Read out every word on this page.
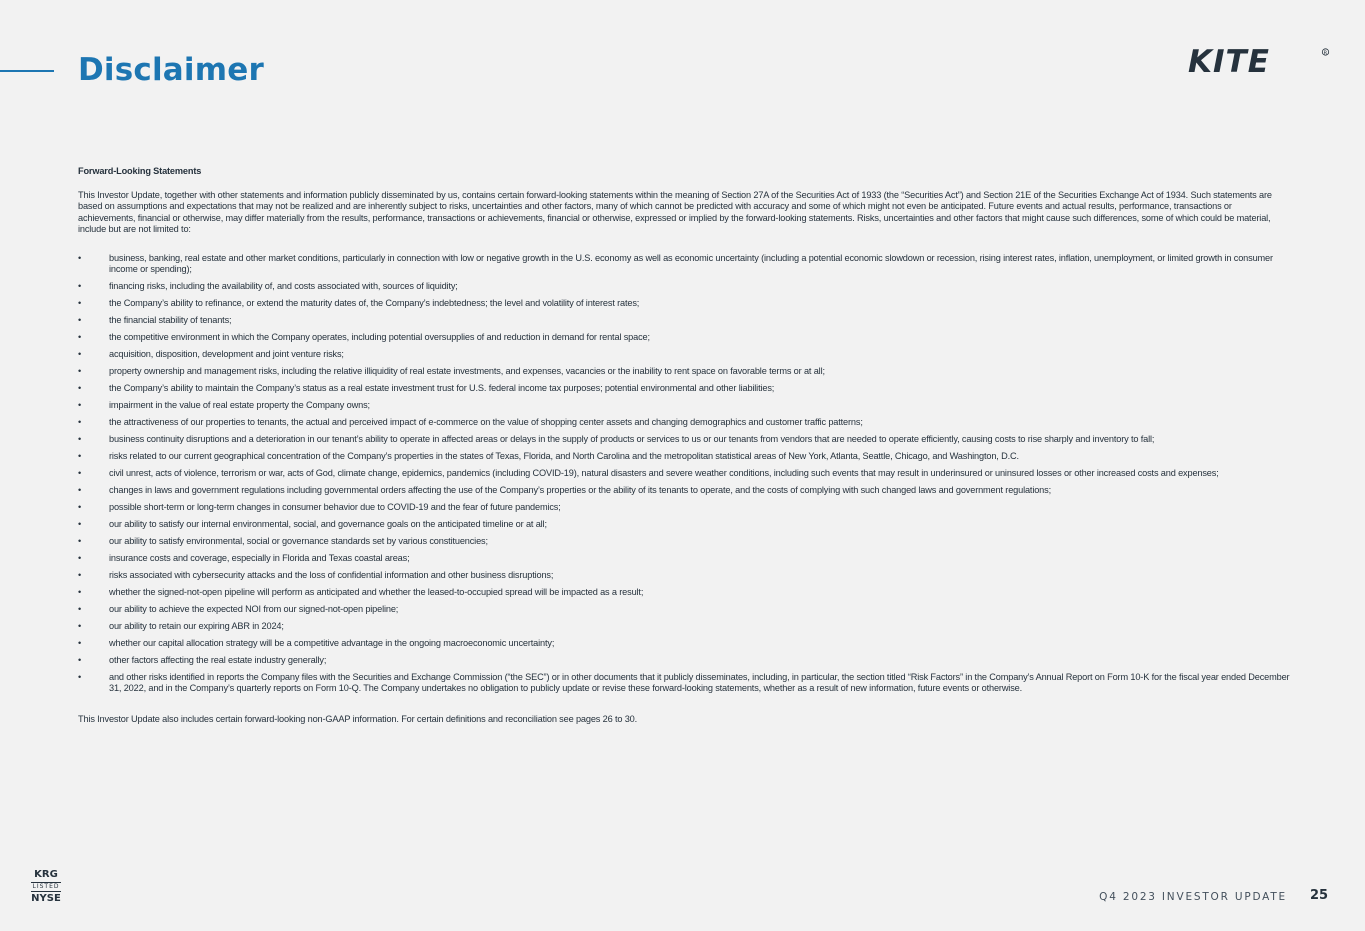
Disclaimer	KITE	R

Forward-Looking Statements

This Investor Update, together with other statements and information publicly disseminated by us, contains certain forward-looking statements within the meaning of Section 27A of the Securities Act of 1933 (the “Securities Act”) and Section 21E of the Securities Exchange Act of 1934. Such statements are based on assumptions and expectations that may not be realized and are inherently subject to risks, uncertainties and other factors, many of which cannot be predicted with accuracy and some of which might not even be anticipated. Future events and actual results, performance, transactions or achievements, financial or otherwise, may differ materially from the results, performance, transactions or achievements, financial or otherwise, expressed or implied by the forward-looking statements. Risks, uncertainties and other factors that might cause such differences, some of which could be material, include but are not limited to:

•	business, banking, real estate and other market conditions, particularly in connection with low or negative growth in the U.S. economy as well as economic uncertainty (including a potential economic slowdown or recession, rising interest rates, inflation, unemployment, or limited growth in consumer income or spending);
•	financing risks, including the availability of, and costs associated with, sources of liquidity;
•	the Company’s ability to refinance, or extend the maturity dates of, the Company’s indebtedness; the level and volatility of interest rates;
•	the financial stability of tenants;
•	the competitive environment in which the Company operates, including potential oversupplies of and reduction in demand for rental space;
•	acquisition, disposition, development and joint venture risks;
•	property ownership and management risks, including the relative illiquidity of real estate investments, and expenses, vacancies or the inability to rent space on favorable terms or at all;
•	the Company’s ability to maintain the Company’s status as a real estate investment trust for U.S. federal income tax purposes; potential environmental and other liabilities;
•	impairment in the value of real estate property the Company owns;
•	the attractiveness of our properties to tenants, the actual and perceived impact of e-commerce on the value of shopping center assets and changing demographics and customer traffic patterns;
•	business continuity disruptions and a deterioration in our tenant’s ability to operate in affected areas or delays in the supply of products or services to us or our tenants from vendors that are needed to operate efficiently, causing costs to rise sharply and inventory to fall;
•	risks related to our current geographical concentration of the Company’s properties in the states of Texas, Florida, and North Carolina and the metropolitan statistical areas of New York, Atlanta, Seattle, Chicago, and Washington, D.C.
•	civil unrest, acts of violence, terrorism or war, acts of God, climate change, epidemics, pandemics (including COVID-19), natural disasters and severe weather conditions, including such events that may result in underinsured or uninsured losses or other increased costs and expenses;
•	changes in laws and government regulations including governmental orders affecting the use of the Company’s properties or the ability of its tenants to operate, and the costs of complying with such changed laws and government regulations;
•	possible short-term or long-term changes in consumer behavior due to COVID-19 and the fear of future pandemics;
•	our ability to satisfy our internal environmental, social, and governance goals on the anticipated timeline or at all;
•	our ability to satisfy environmental, social or governance standards set by various constituencies;
•	insurance costs and coverage, especially in Florida and Texas coastal areas;
•	risks associated with cybersecurity attacks and the loss of confidential information and other business disruptions;
•	whether the signed-not-open pipeline will perform as anticipated and whether the leased-to-occupied spread will be impacted as a result;
•	our ability to achieve the expected NOI from our signed-not-open pipeline;
•	our ability to retain our expiring ABR in 2024;
•	whether our capital allocation strategy will be a competitive advantage in the ongoing macroeconomic uncertainty;
•	other factors affecting the real estate industry generally;
•	and other risks identified in reports the Company files with the Securities and Exchange Commission (“the SEC”) or in other documents that it publicly disseminates, including, in particular, the section titled “Risk Factors” in the Company’s Annual Report on Form 10-K for the fiscal year ended December 31, 2022, and in the Company’s quarterly reports on Form 10-Q. The Company undertakes no obligation to publicly update or revise these forward-looking statements, whether as a result of new information, future events or otherwise.

This Investor Update also includes certain forward-looking non-GAAP information. For certain definitions and reconciliation see pages 26 to 30.

KRG
LISTED
NYSE	Q4 2023 INVESTOR UPDATE 25
